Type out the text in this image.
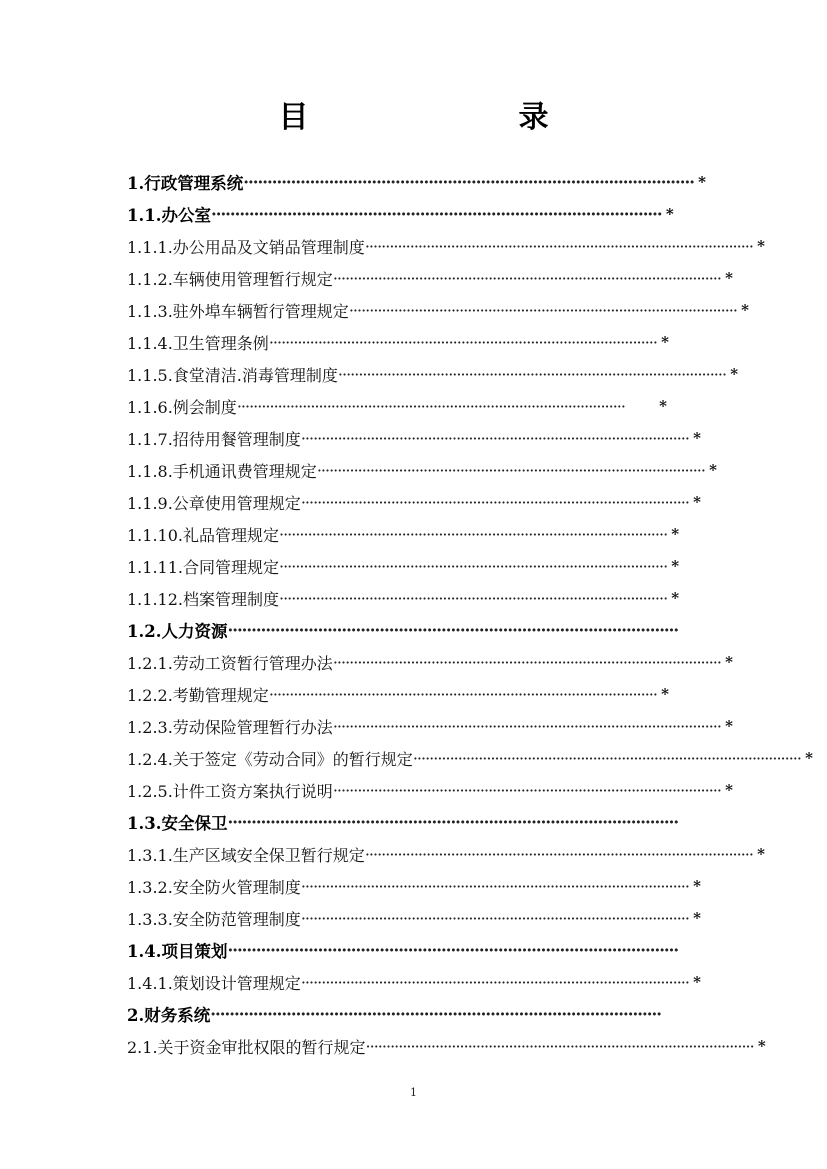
目　　录
1.行政管理系统 ······························································································· *
1.1.办公室 ······························································································· *
1.1.1.办公用品及文销品管理制度 ······························································································· *
1.1.2.车辆使用管理暂行规定 ······························································································· *
1.1.3.驻外埠车辆暂行管理规定 ······························································································· *
1.1.4.卫生管理条例 ······························································································· *
1.1.5.食堂清洁.消毒管理制度 ······························································································· *
1.1.6.例会制度 ·······························································································	*
1.1.7.招待用餐管理制度 ······························································································· *
1.1.8.手机通讯费管理规定 ······························································································· *
1.1.9.公章使用管理规定 ······························································································· *
1.1.10.礼品管理规定 ······························································································· *
1.1.11.合同管理规定 ······························································································· *
1.1.12.档案管理制度 ······························································································· *
1.2.人力资源 ·······························································································
1.2.1.劳动工资暂行管理办法 ······························································································· *
1.2.2.考勤管理规定 ······························································································· *
1.2.3.劳动保险管理暂行办法 ······························································································· *
1.2.4.关于签定《劳动合同》的暂行规定 ······························································································· *
1.2.5.计件工资方案执行说明 ······························································································· *
1.3.安全保卫 ·······························································································
1.3.1.生产区域安全保卫暂行规定 ······························································································· *
1.3.2.安全防火管理制度 ······························································································· *
1.3.3.安全防范管理制度 ······························································································· *
1.4.项目策划 ·······························································································
1.4.1.策划设计管理规定 ······························································································· *
2.财务系统 ·······························································································
2.1.关于资金审批权限的暂行规定 ······························································································· *
1
